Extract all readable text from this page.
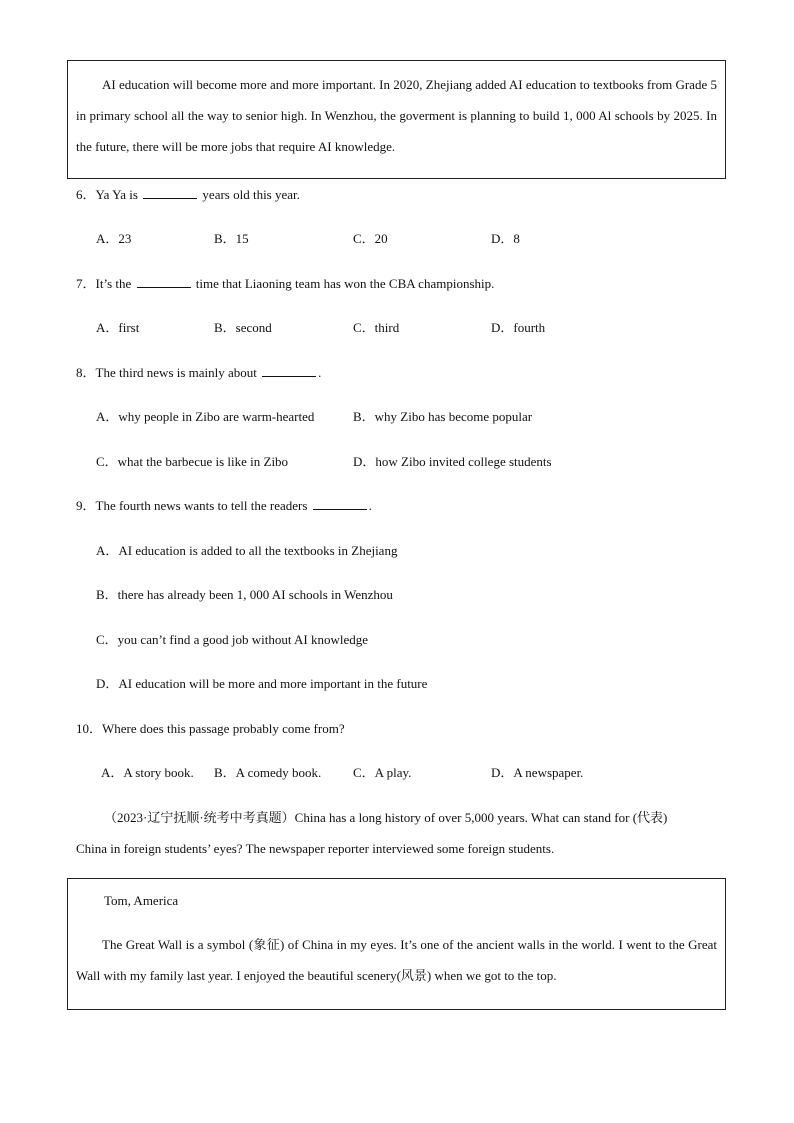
AI education will become more and more important. In 2020, Zhejiang added AI education to textbooks from Grade 5 in primary school all the way to senior high. In Wenzhou, the goverment is planning to build 1, 000 Al schools by 2025. In the future, there will be more jobs that require AI knowledge.

6．Ya Ya is	years old this year.
A．23	B．15	C．20	D．8
7．It’s the	time that Liaoning team has won the CBA championship.
A．first	B．second	C．third	D．fourth
8．The third news is mainly about	.
A．why people in Zibo are warm-hearted	B．why Zibo has become popular
C．what the barbecue is like in Zibo	D．how Zibo invited college students
9．The fourth news wants to tell the readers	.
A．AI education is added to all the textbooks in Zhejiang
B．there has already been 1, 000 AI schools in Wenzhou
C．you can’t find a good job without AI knowledge
D．AI education will be more and more important in the future
10．Where does this passage probably come from?
A．A story book. B．A comedy book. C．A play.	D．A newspaper.
（2023·辽宁抚顺·统考中考真题）China has a long history of over 5,000 years. What can stand for (代表)
China in foreign students’ eyes? The newspaper reporter interviewed some foreign students.

Tom, America

The Great Wall is a symbol (象征) of China in my eyes. It’s one of the ancient walls in the world. I went to the Great Wall with my family last year. I enjoyed the beautiful scenery(风景) when we got to the top.
